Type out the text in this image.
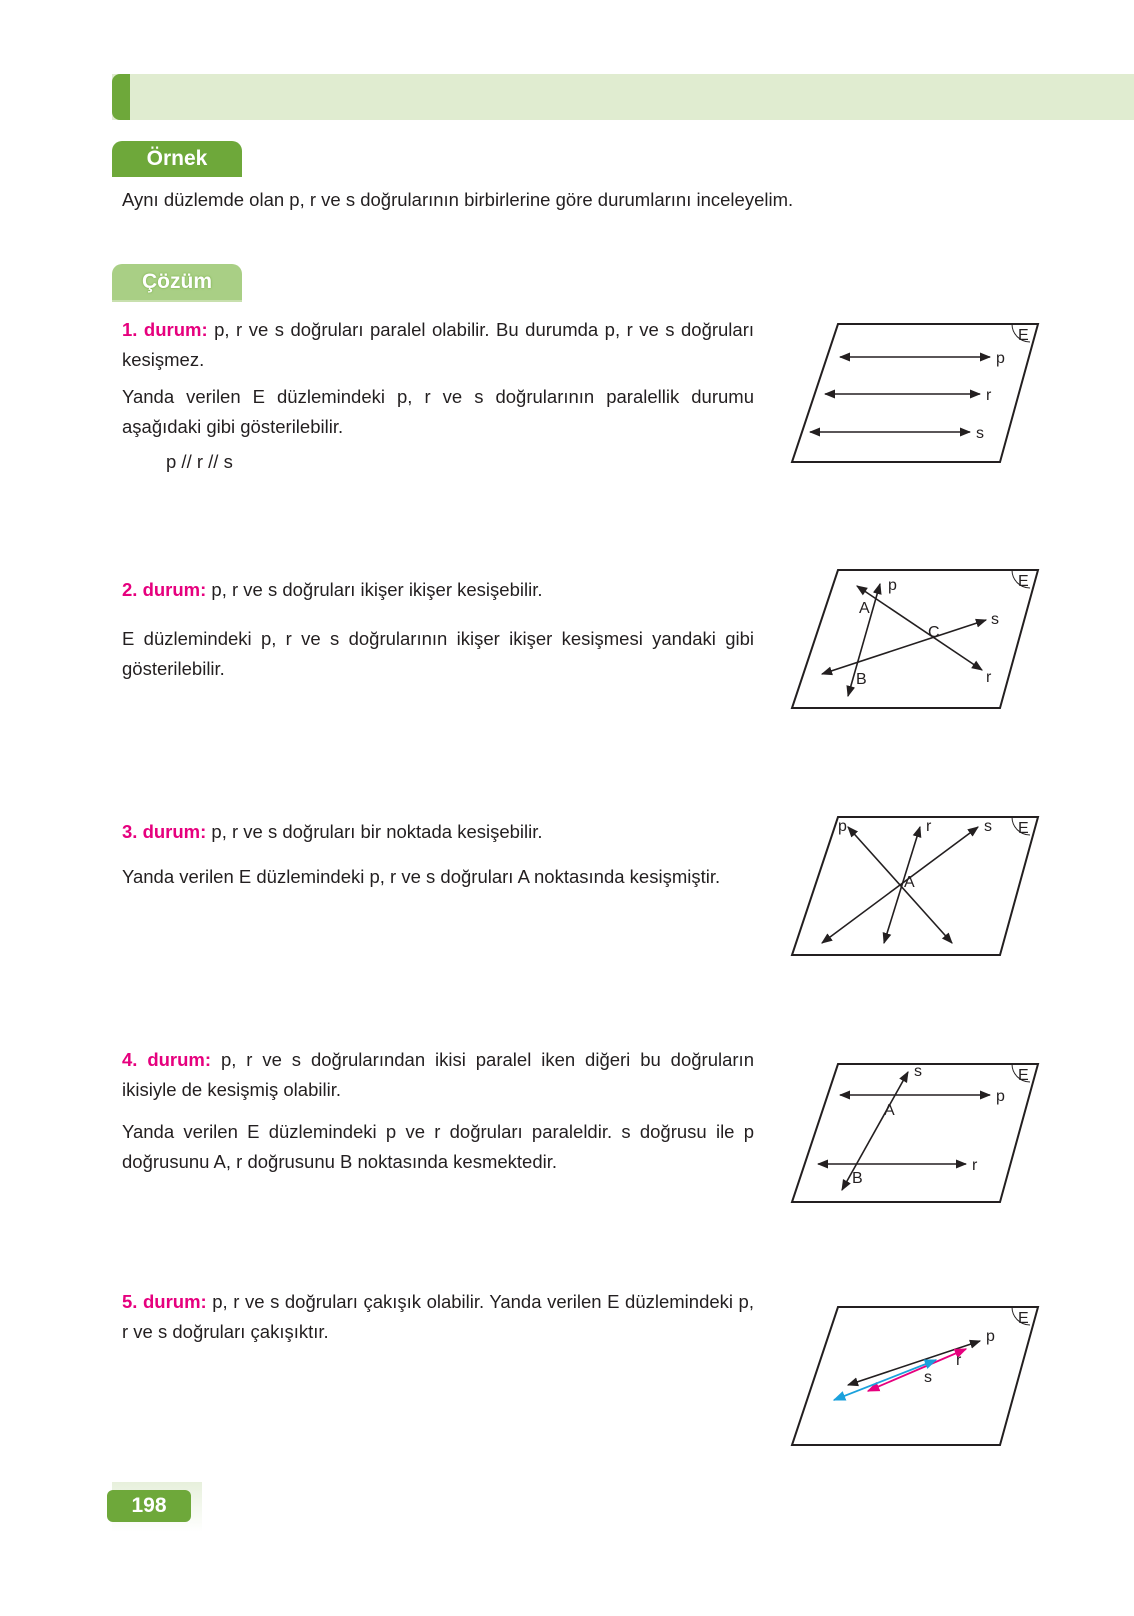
Örnek
Aynı düzlemde olan p, r ve s doğrularının birbirlerine göre durumlarını inceleyelim.
Çözüm
1. durum: p, r ve s doğruları paralel olabilir. Bu durumda p, r ve s doğruları kesişmez.
Yanda verilen E düzlemindeki p, r ve s doğrularının paralellik durumu aşağıdaki gibi gösterilebilir.
p // r // s
E
p
r
s
2. durum: p, r ve s doğruları ikişer ikişer kesişebilir.
E düzlemindeki p, r ve s doğrularının ikişer ikişer kesişmesi yandaki gibi gösterilebilir.
E
p
r
s
A
B
C
3. durum: p, r ve s doğruları bir noktada kesişebilir.
Yanda verilen E düzlemindeki p, r ve s doğruları A noktasında kesişmiştir.
E
p	r	s
A
4. durum: p, r ve s doğrularından ikisi paralel iken diğeri bu doğruların ikisiyle de kesişmiş olabilir.
Yanda verilen E düzlemindeki p ve r doğruları paraleldir. s doğrusu ile p doğrusunu A, r doğrusunu B noktasında kesmektedir.
E
p
r
s
A
B
5. durum: p, r ve s doğruları çakışık olabilir. Yanda verilen E düzlemindeki p, r ve s doğruları çakışıktır.
E
p
r
s
198
